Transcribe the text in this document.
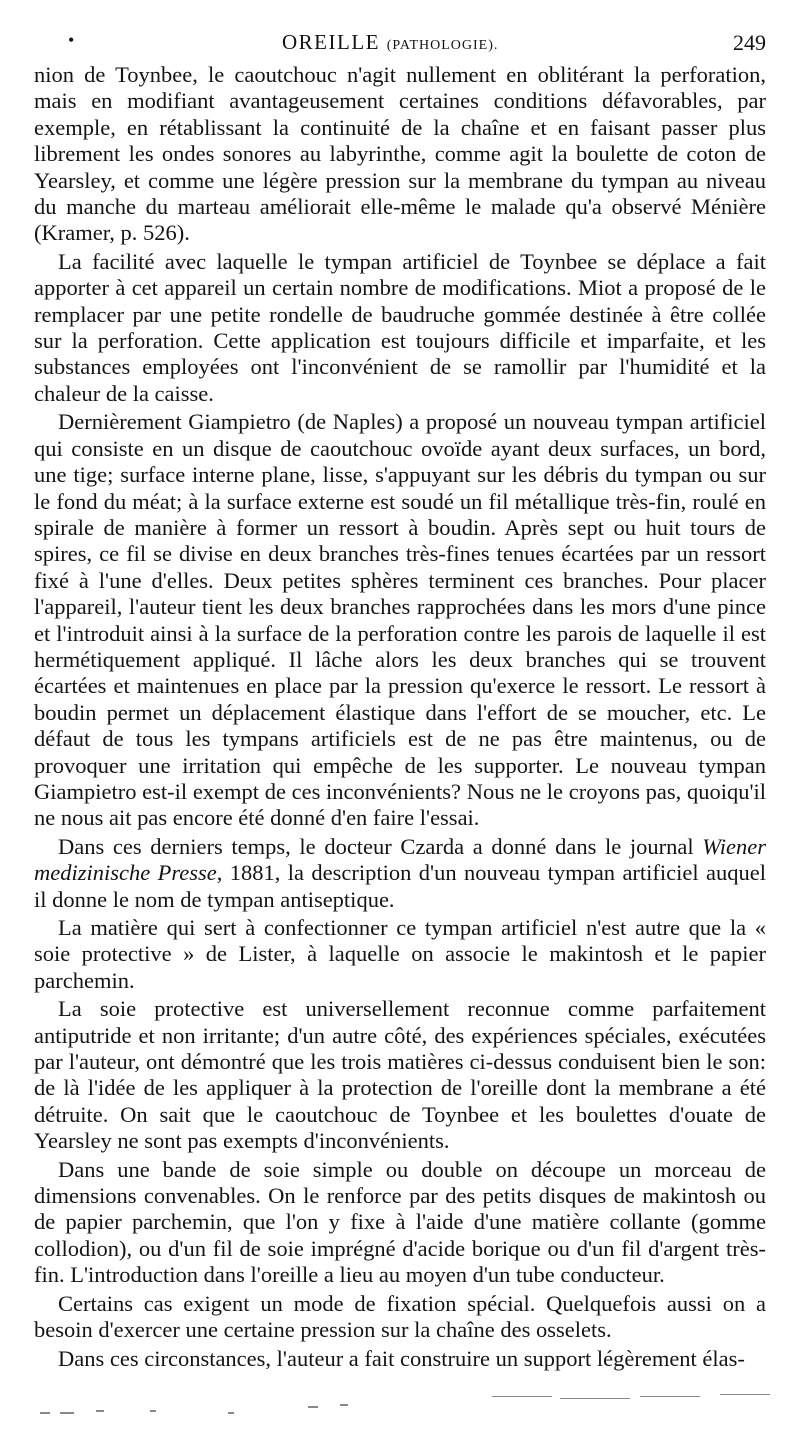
•	OREILLE (PATHOLOGIE).	249

nion de Toynbee, le caoutchouc n'agit nullement en oblitérant la perforation, mais en modifiant avantageusement certaines conditions défavorables, par exemple, en rétablissant la continuité de la chaîne et en faisant passer plus librement les ondes sonores au labyrinthe, comme agit la boulette de coton de Yearsley, et comme une légère pression sur la membrane du tympan au niveau du manche du marteau améliorait elle-même le malade qu'a observé Ménière (Kramer, p. 526).

La facilité avec laquelle le tympan artificiel de Toynbee se déplace a fait apporter à cet appareil un certain nombre de modifications. Miot a proposé de le remplacer par une petite rondelle de baudruche gommée destinée à être collée sur la perforation. Cette application est toujours difficile et imparfaite, et les substances employées ont l'inconvénient de se ramollir par l'humidité et la chaleur de la caisse.

Dernièrement Giampietro (de Naples) a proposé un nouveau tympan artificiel qui consiste en un disque de caoutchouc ovoïde ayant deux surfaces, un bord, une tige; surface interne plane, lisse, s'appuyant sur les débris du tympan ou sur le fond du méat; à la surface externe est soudé un fil métallique très-fin, roulé en spirale de manière à former un ressort à boudin. Après sept ou huit tours de spires, ce fil se divise en deux branches très-fines tenues écartées par un ressort fixé à l'une d'elles. Deux petites sphères terminent ces branches. Pour placer l'appareil, l'auteur tient les deux branches rapprochées dans les mors d'une pince et l'introduit ainsi à la surface de la perforation contre les parois de laquelle il est hermétiquement appliqué. Il lâche alors les deux branches qui se trouvent écartées et maintenues en place par la pression qu'exerce le ressort. Le ressort à boudin permet un déplacement élastique dans l'effort de se moucher, etc. Le défaut de tous les tympans artificiels est de ne pas être maintenus, ou de provoquer une irritation qui empêche de les supporter. Le nouveau tympan Giampietro est-il exempt de ces inconvénients? Nous ne le croyons pas, quoiqu'il ne nous ait pas encore été donné d'en faire l'essai.

Dans ces derniers temps, le docteur Czarda a donné dans le journal Wiener medizinische Presse, 1881, la description d'un nouveau tympan artificiel auquel il donne le nom de tympan antiseptique.

La matière qui sert à confectionner ce tympan artificiel n'est autre que la « soie protective » de Lister, à laquelle on associe le makintosh et le papier parchemin.

La soie protective est universellement reconnue comme parfaitement antiputride et non irritante; d'un autre côté, des expériences spéciales, exécutées par l'auteur, ont démontré que les trois matières ci-dessus conduisent bien le son: de là l'idée de les appliquer à la protection de l'oreille dont la membrane a été détruite. On sait que le caoutchouc de Toynbee et les boulettes d'ouate de Yearsley ne sont pas exempts d'inconvénients.

Dans une bande de soie simple ou double on découpe un morceau de dimensions convenables. On le renforce par des petits disques de makintosh ou de papier parchemin, que l'on y fixe à l'aide d'une matière collante (gomme collodion), ou d'un fil de soie imprégné d'acide borique ou d'un fil d'argent très-fin. L'introduction dans l'oreille a lieu au moyen d'un tube conducteur.

Certains cas exigent un mode de fixation spécial. Quelquefois aussi on a besoin d'exercer une certaine pression sur la chaîne des osselets.

Dans ces circonstances, l'auteur a fait construire un support légèrement élas-
